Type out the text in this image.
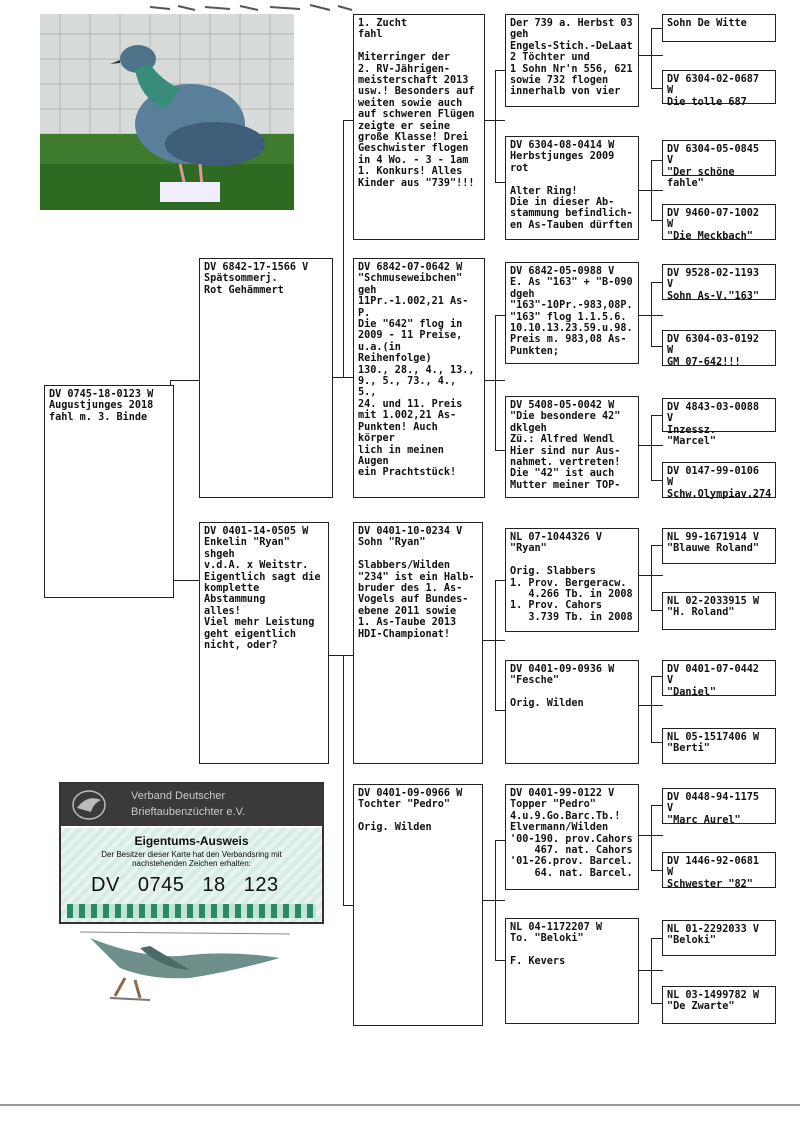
DV 0745-18-0123 W
Augustjunges 2018
fahl m. 3. Binde
DV 6842-17-1566 V
Spätsommerj.
Rot Gehämmert
DV 0401-14-0505 W
Enkelin "Ryan"
shgeh
v.d.A. x Weitstr.
Eigentlich sagt die
komplette Abstammung
alles!
Viel mehr Leistung
geht eigentlich
nicht, oder?
1. Zucht
fahl

Miterringer der
2. RV-Jährigen-
meisterschaft 2013
usw.! Besonders auf
weiten sowie auch
auf schweren Flügen
zeigte er seine
große Klasse! Drei
Geschwister flogen
in 4 Wo. - 3 - 1am
1. Konkurs! Alles
Kinder aus "739"!!!
DV 6842-07-0642 W
"Schmuseweibchen"
geh
11Pr.-1.002,21 As-P.
Die "642" flog in
2009 - 11 Preise,
u.a.(in Reihenfolge)
130., 28., 4., 13.,
9., 5., 73., 4., 5.,
24. und 11. Preis
mit 1.002,21 As-
Punkten! Auch körper
lich in meinen Augen
ein Prachtstück!
DV 0401-10-0234 V
Sohn "Ryan"

Slabbers/Wilden
"234" ist ein Halb-
bruder des 1. As-
Vogels auf Bundes-
ebene 2011 sowie
1. As-Taube 2013
HDI-Championat!
DV 0401-09-0966 W
Tochter "Pedro"

Orig. Wilden
Der 739 a. Herbst 03
geh
Engels-Stich.-DeLaat
2 Töchter und
1 Sohn Nr'n 556, 621
sowie 732 flogen
innerhalb von vier
DV 6304-08-0414 W
Herbstjunges 2009
rot

Alter Ring!
Die in dieser Ab-
stammung befindlich-
en As-Tauben dürften
DV 6842-05-0988 V
E. As "163" + "B-090
dgeh
"163"-10Pr.-983,08P.
"163" flog 1.1.5.6.
10.10.13.23.59.u.98.
Preis m. 983,08 As-
Punkten;
DV 5408-05-0042 W
"Die besondere 42"
dklgeh
Zü.: Alfred Wendl
Hier sind nur Aus-
nahmet. vertreten!
Die "42" ist auch
Mutter meiner TOP-
NL 07-1044326 V
"Ryan"

Orig. Slabbers
1. Prov. Bergeracw.
4.266 Tb. in 2008
1. Prov. Cahors
3.739 Tb. in 2008
DV 0401-09-0936 W
"Fesche"

Orig. Wilden
DV 0401-99-0122 V
Topper "Pedro"
4.u.9.Go.Barc.Tb.!
Elvermann/Wilden
'00-190. prov.Cahors
467. nat. Cahors
'01-26.prov. Barcel.
64. nat. Barcel.
NL 04-1172207 W
To. "Beloki"

F. Kevers
Sohn De Witte
DV 6304-02-0687 W
Die tolle 687
DV 6304-05-0845 V
"Der schöne fahle"
DV 9460-07-1002 W
"Die Meckbach"
DV 9528-02-1193 V
Sohn As-V."163"
DV 6304-03-0192 W
GM 07-642!!!
DV 4843-03-0088 V
Inzessz. "Marcel"
DV 0147-99-0106 W
Schw.Olympiav.274
NL 99-1671914 V
"Blauwe Roland"
NL 02-2033915 W
"H. Roland"
DV 0401-07-0442 V
"Daniel"
NL 05-1517406 W
"Berti"
DV 0448-94-1175 V
"Marc Aurel"
DV 1446-92-0681 W
Schwester "82"
NL 01-2292033 V
"Beloki"
NL 03-1499782 W
"De Zwarte"
Verband Deutscher
Brieftaubenzüchter e.V.
Eigentums-Ausweis
Der Besitzer dieser Karte hat den Verbandsring mit nachstehenden Zeichen erhalten:
DV 0745 18 123
